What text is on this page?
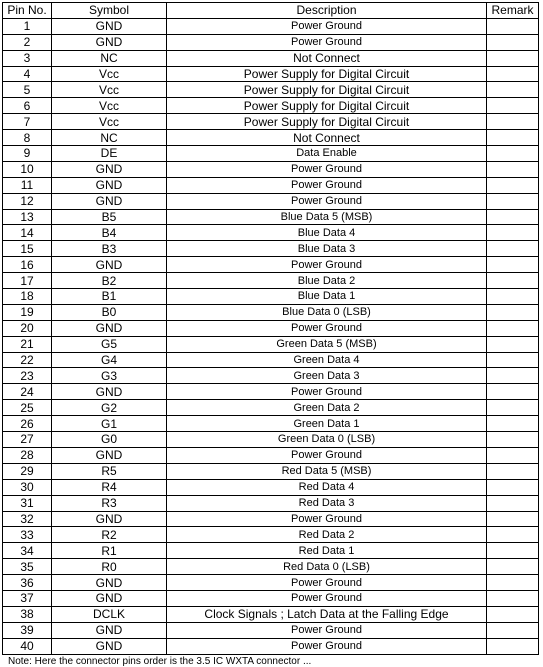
Pin No.	Symbol	Description	Remark
1	GND	Power Ground	
2	GND	Power Ground	
3	NC	Not Connect	
4	Vcc	Power Supply for Digital Circuit	
5	Vcc	Power Supply for Digital Circuit	
6	Vcc	Power Supply for Digital Circuit	
7	Vcc	Power Supply for Digital Circuit	
8	NC	Not Connect	
9	DE	Data Enable	
10	GND	Power Ground	
11	GND	Power Ground	
12	GND	Power Ground	
13	B5	Blue Data 5 (MSB)	
14	B4	Blue Data 4	
15	B3	Blue Data 3	
16	GND	Power Ground	
17	B2	Blue Data 2	
18	B1	Blue Data 1	
19	B0	Blue Data 0 (LSB)	
20	GND	Power Ground	
21	G5	Green Data 5 (MSB)	
22	G4	Green Data 4	
23	G3	Green Data 3	
24	GND	Power Ground	
25	G2	Green Data 2	
26	G1	Green Data 1	
27	G0	Green Data 0 (LSB)	
28	GND	Power Ground	
29	R5	Red Data 5 (MSB)	
30	R4	Red Data 4	
31	R3	Red Data 3	
32	GND	Power Ground	
33	R2	Red Data 2	
34	R1	Red Data 1	
35	R0	Red Data 0 (LSB)	
36	GND	Power Ground	
37	GND	Power Ground	
38	DCLK	Clock Signals ; Latch Data at the Falling Edge	
39	GND	Power Ground	
40	GND	Power Ground	
Note: Here the connector pins order is the 3.5 IC WXTA connector ...
